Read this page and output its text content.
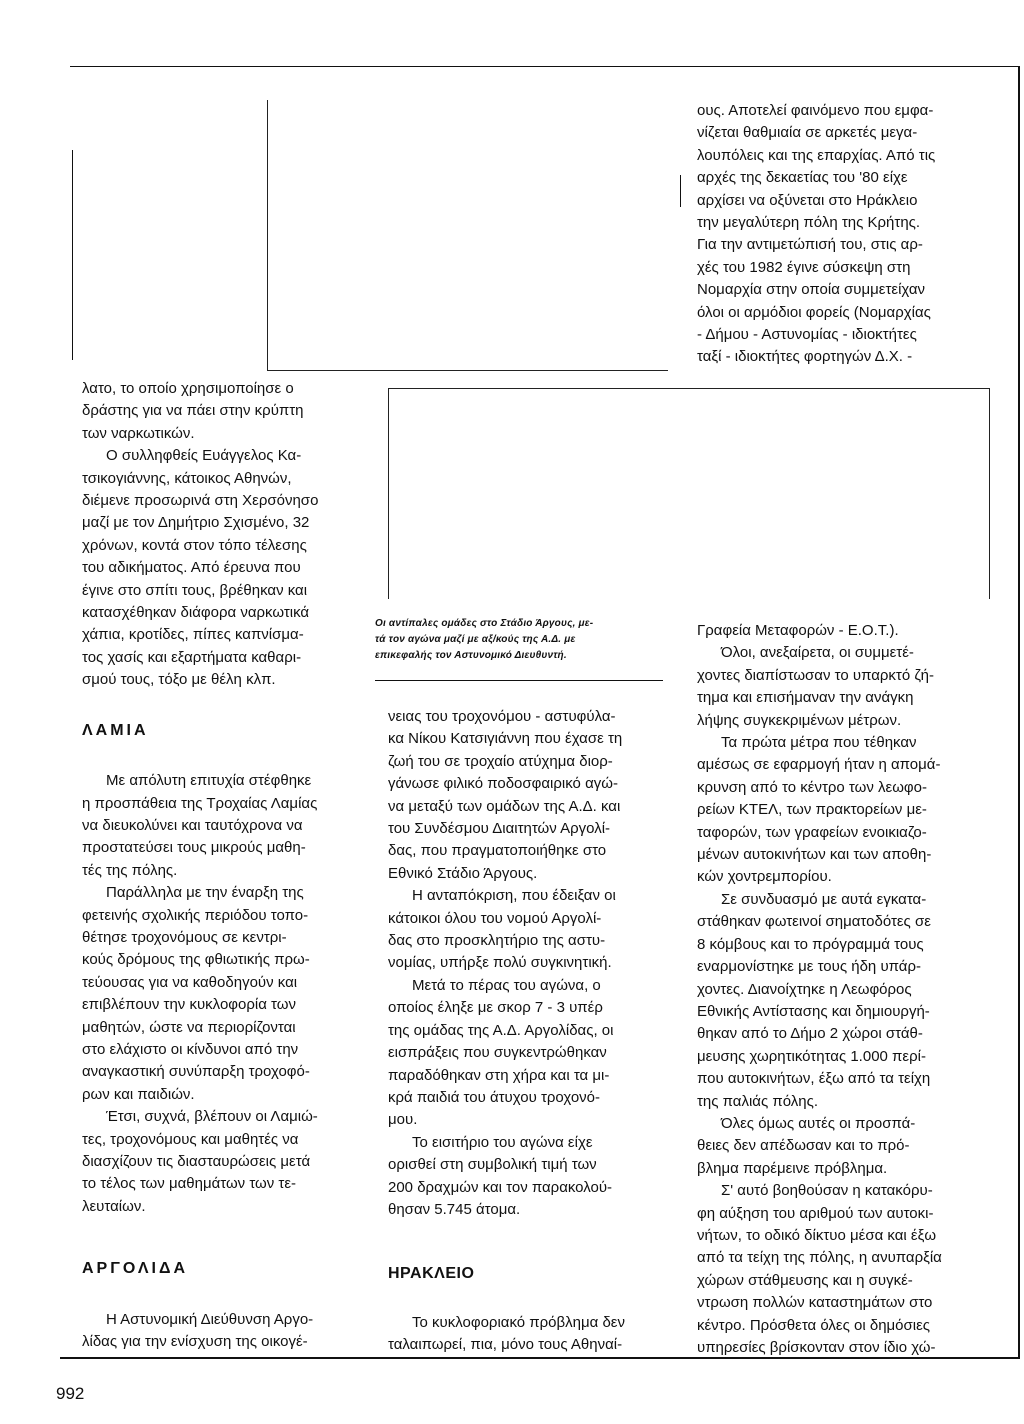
ους. Αποτελεί φαινόμενο που εμφα-

νίζεται θαθμιαία σε αρκετές μεγα-

λουπόλεις και της επαρχίας. Από τις

αρχές της δεκαετίας του '80 είχε

αρχίσει να οξύνεται στο Ηράκλειο

την μεγαλύτερη πόλη της Κρήτης.

Για την αντιμετώπισή του, στις αρ-

χές του 1982 έγινε σύσκεψη στη

Νομαρχία στην οποία συμμετείχαν

όλοι οι αρμόδιοι φορείς (Νομαρχίας

- Δήμου - Αστυνομίας - ιδιοκτήτες

ταξί - ιδιοκτήτες φορτηγών Δ.Χ. -

λατο, το οποίο χρησιμοποίησε ο

δράστης για να πάει στην κρύπτη

των ναρκωτικών.

Ο συλληφθείς Ευάγγελος Κα-

τσικογιάννης, κάτοικος Αθηνών,

διέμενε προσωρινά στη Χερσόνησο

μαζί με τον Δημήτριο Σχισμένο, 32

χρόνων, κοντά στον τόπο τέλεσης

του αδικήματος. Από έρευνα που

έγινε στο σπίτι τους, βρέθηκαν και

κατασχέθηκαν διάφορα ναρκωτικά

χάπια, κροτίδες, πίπες καπνίσμα-

τος χασίς και εξαρτήματα καθαρι-

σμού τους, τόξο με θέλη κλπ.

ΛΑΜΙΑ

Με απόλυτη επιτυχία στέφθηκε

η προσπάθεια της Τροχαίας Λαμίας

να διευκολύνει και ταυτόχρονα να

προστατεύσει τους μικρούς μαθη-

τές της πόλης.

Παράλληλα με την έναρξη της

φετεινής σχολικής περιόδου τοπο-

θέτησε τροχονόμους σε κεντρι-

κούς δρόμους της φθιωτικής πρω-

τεύουσας για να καθοδηγούν και

επιβλέπουν την κυκλοφορία των

μαθητών, ώστε να περιορίζονται

στο ελάχιστο οι κίνδυνοι από την

αναγκαστική συνύπαρξη τροχοφό-

ρων και παιδιών.

Έτσι, συχνά, βλέπουν οι Λαμιώ-

τες, τροχονόμους και μαθητές να

διασχίζουν τις διασταυρώσεις μετά

το τέλος των μαθημάτων των τε-

λευταίων.

ΑΡΓΟΛΙΔΑ

Η Αστυνομική Διεύθυνση Αργο-

λίδας για την ενίσχυση της οικογέ-

Οι αντίπαλες ομάδες στο Στάδιο Άργους, με-
τά τον αγώνα μαζί με αξ/κούς της Α.Δ. με
επικεφαλής τον Αστυνομικό Διευθυντή.

νειας του τροχονόμου - αστυφύλα-

κα Νίκου Κατσιγιάννη που έχασε τη

ζωή του σε τροχαίο ατύχημα διορ-

γάνωσε φιλικό ποδοσφαιρικό αγώ-

να μεταξύ των ομάδων της Α.Δ. και

του Συνδέσμου Διαιτητών Αργολί-

δας, που πραγματοποιήθηκε στο

Εθνικό Στάδιο Άργους.

Η ανταπόκριση, που έδειξαν οι

κάτοικοι όλου του νομού Αργολί-

δας στο προσκλητήριο της αστυ-

νομίας, υπήρξε πολύ συγκινητική.

Μετά το πέρας του αγώνα, ο

οποίος έληξε με σκορ 7 - 3 υπέρ

της ομάδας της Α.Δ. Αργολίδας, οι

εισπράξεις που συγκεντρώθηκαν

παραδόθηκαν στη χήρα και τα μι-

κρά παιδιά του άτυχου τροχονό-

μου.

Το εισιτήριο του αγώνα είχε

ορισθεί στη συμβολική τιμή των

200 δραχμών και τον παρακολού-

θησαν 5.745 άτομα.

ΗΡΑΚΛΕΙΟ

Το κυκλοφοριακό πρόβλημα δεν

ταλαιπωρεί, πια, μόνο τους Αθηναί-

Γραφεία Μεταφορών - Ε.Ο.Τ.).

Όλοι, ανεξαίρετα, οι συμμετέ-

χοντες διαπίστωσαν το υπαρκτό ζή-

τημα και επισήμαναν την ανάγκη

λήψης συγκεκριμένων μέτρων.

Τα πρώτα μέτρα που τέθηκαν

αμέσως σε εφαρμογή ήταν η απομά-

κρυνση από το κέντρο των λεωφο-

ρείων ΚΤΕΛ, των πρακτορείων με-

ταφορών, των γραφείων ενοικιαζο-

μένων αυτοκινήτων και των αποθη-

κών χοντρεμπορίου.

Σε συνδυασμό με αυτά εγκατα-

στάθηκαν φωτεινοί σηματοδότες σε

8 κόμβους και το πρόγραμμά τους

εναρμονίστηκε με τους ήδη υπάρ-

χοντες. Διανοίχτηκε η Λεωφόρος

Εθνικής Αντίστασης και δημιουργή-

θηκαν από το Δήμο 2 χώροι στάθ-

μευσης χωρητικότητας 1.000 περί-

που αυτοκινήτων, έξω από τα τείχη

της παλιάς πόλης.

Όλες όμως αυτές οι προσπά-

θειες δεν απέδωσαν και το πρό-

βλημα παρέμεινε πρόβλημα.

Σ' αυτό βοηθούσαν η κατακόρυ-

φη αύξηση του αριθμού των αυτοκι-

νήτων, το οδικό δίκτυο μέσα και έξω

από τα τείχη της πόλης, η ανυπαρξία

χώρων στάθμευσης και η συγκέ-

ντρωση πολλών καταστημάτων στο

κέντρο. Πρόσθετα όλες οι δημόσιες

υπηρεσίες βρίσκονταν στον ίδιο χώ-

992
